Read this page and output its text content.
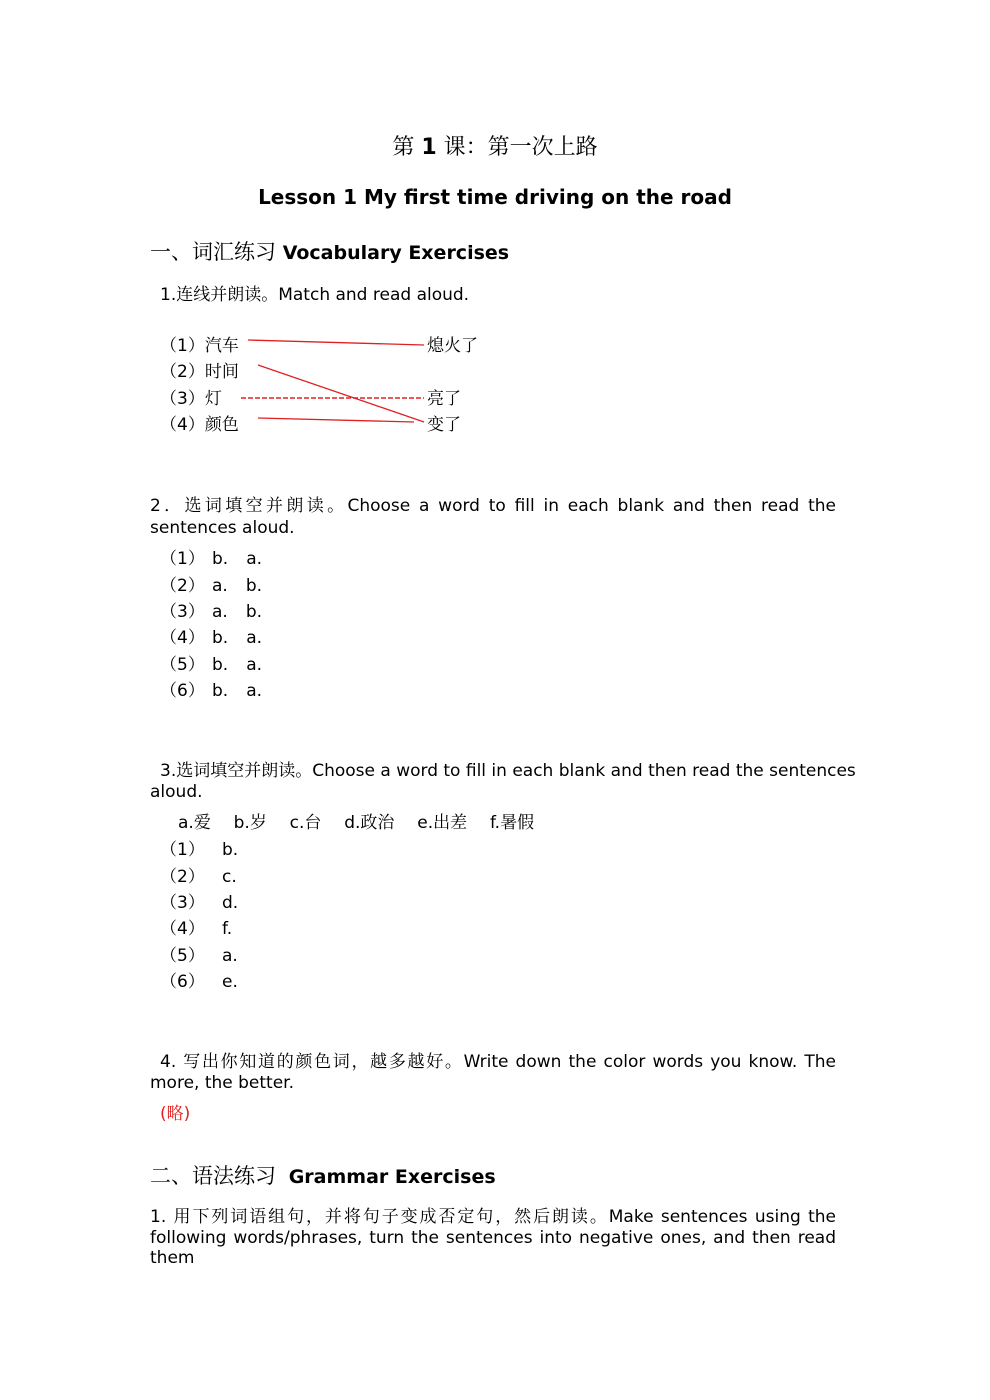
第 1 课：第一次上路
Lesson 1 My first time driving on the road
一、词汇练习 Vocabulary Exercises
1.连线并朗读。Match and read aloud.
（1）汽车
（2）时间
（3）灯
（4）颜色
熄火了
亮了
变了
2．选词填空并朗读。Choose a word to fill in each blank and then read the
sentences aloud.
（1） b. a.
（2） a. b.
（3） a. b.
（4） b. a.
（5） b. a.
（6） b. a.
3.选词填空并朗读。Choose a word to fill in each blank and then read the sentences
aloud.
a.爱 b.岁 c.台 d.政治 e.出差 f.暑假
（1） b.
（2） c.
（3） d.
（4） f.
（5） a.
（6） e.
4. 写出你知道的颜色词，越多越好。Write down the color words you know. The
more, the better.
(略)
二、语法练习 Grammar Exercises
1. 用下列词语组句，并将句子变成否定句，然后朗读。Make sentences using the
following words/phrases, turn the sentences into negative ones, and then read them
